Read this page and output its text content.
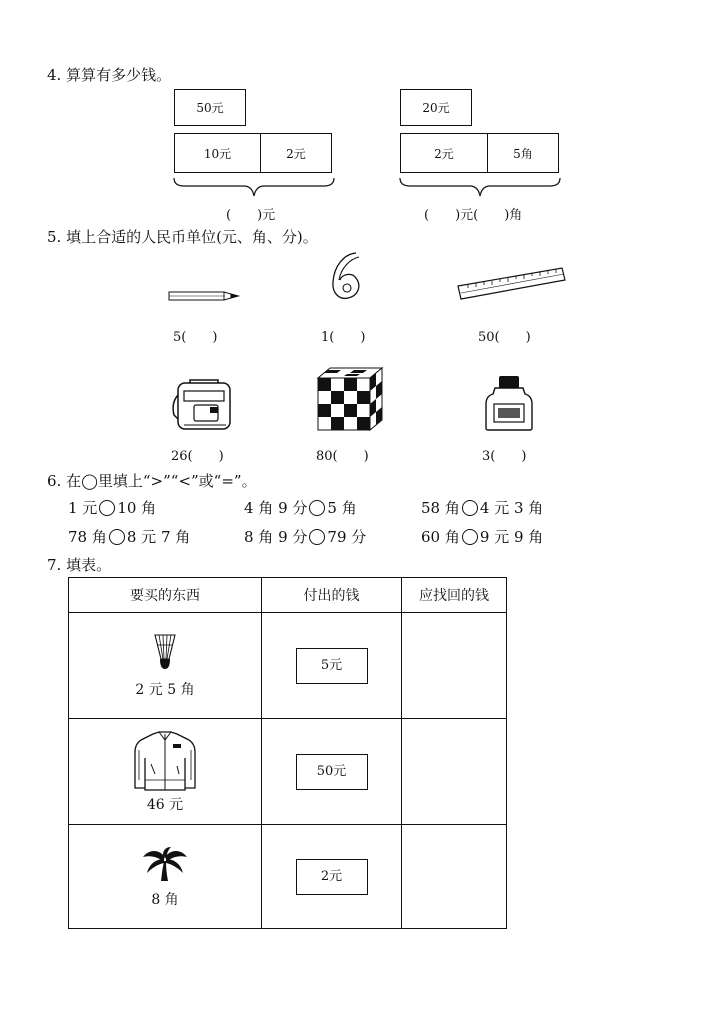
4. 算算有多少钱。
50元
10元	2元
(　　)元
20元
2元	5角
(　　)元(　　)角
5. 填上合适的人民币单位(元、角、分)。
5(　　)	1(　　)	50(　　)
26(　　)	80(　　)	3(　　)
6. 在◯里填上“>”“<”或“=”。
1 元 10 角	4 角 9 分 5 角	58 角 4 元 3 角
78 角 8 元 7 角	8 角 9 分 79 分	60 角 9 元 9 角
7. 填表。
要买的东西	付出的钱	应找回的钱

2 元 5 角	5元	

46 元	50元	

8 角	2元	
